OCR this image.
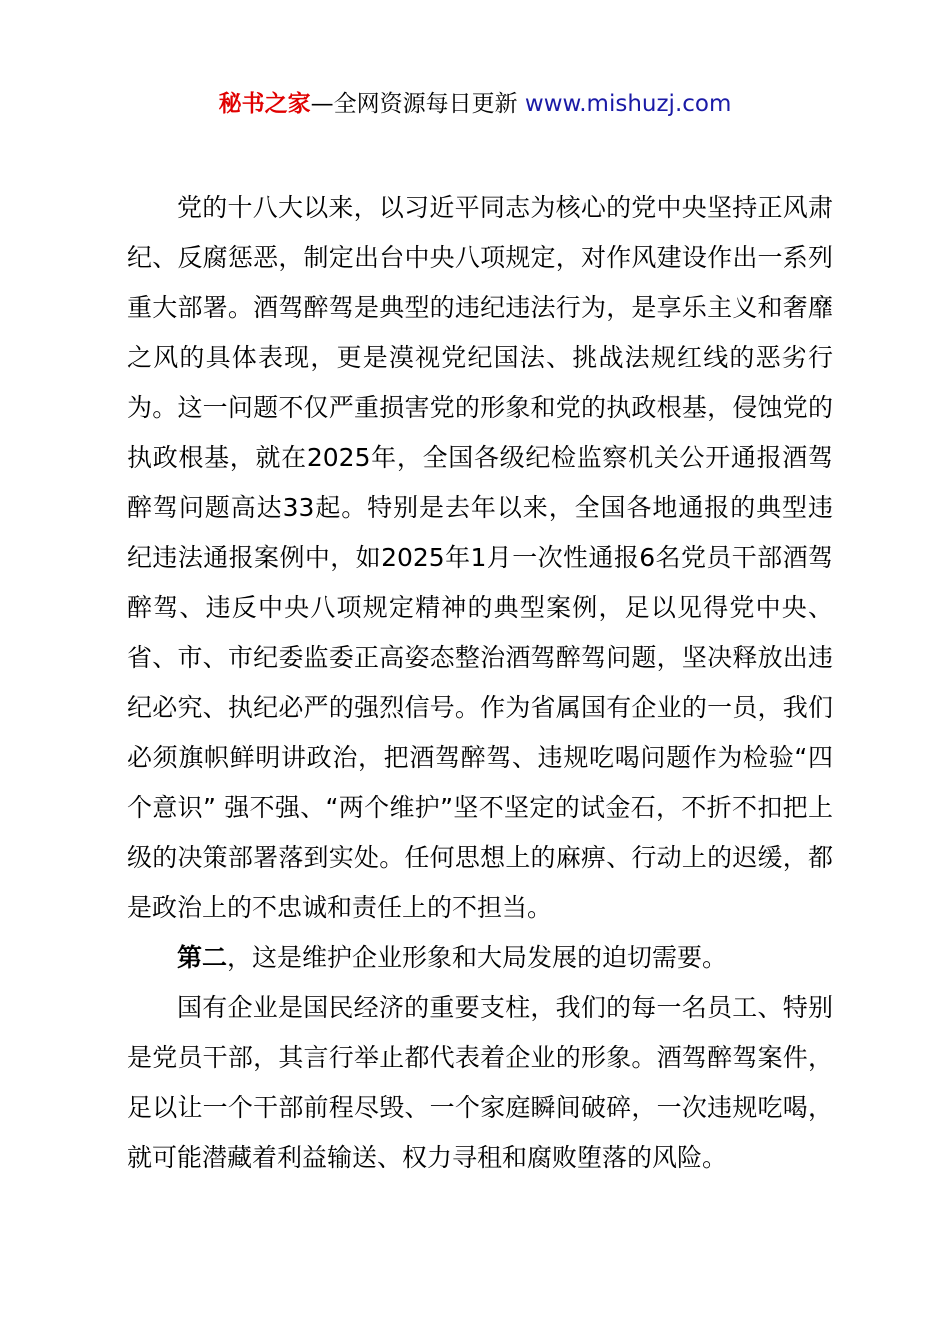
秘书之家—全网资源每日更新 www.mishuzj.com

党的十八大以来，以习近平同志为核心的党中央坚持正风肃纪、反腐惩恶，制定出台中央八项规定，对作风建设作出一系列重大部署。酒驾醉驾是典型的违纪违法行为，是享乐主义和奢靡之风的具体表现，更是漠视党纪国法、挑战法规红线的恶劣行为。这一问题不仅严重损害党的形象和党的执政根基，侵蚀党的执政根基，就在2025年，全国各级纪检监察机关公开通报酒驾醉驾问题高达33起。特别是去年以来，全国各地通报的典型违纪违法通报案例中，如2025年1月一次性通报6名党员干部酒驾醉驾、违反中央八项规定精神的典型案例，足以见得党中央、省、市、市纪委监委正高姿态整治酒驾醉驾问题，坚决释放出违纪必究、执纪必严的强烈信号。作为省属国有企业的一员，我们必须旗帜鲜明讲政治，把酒驾醉驾、违规吃喝问题作为检验“四个意识” 强不强、“两个维护”坚不坚定的试金石，不折不扣把上级的决策部署落到实处。任何思想上的麻痹、行动上的迟缓，都是政治上的不忠诚和责任上的不担当。

第二，这是维护企业形象和大局发展的迫切需要。

国有企业是国民经济的重要支柱，我们的每一名员工、特别是党员干部，其言行举止都代表着企业的形象。酒驾醉驾案件，足以让一个干部前程尽毁、一个家庭瞬间破碎，一次违规吃喝，就可能潜藏着利益输送、权力寻租和腐败堕落的风险。
